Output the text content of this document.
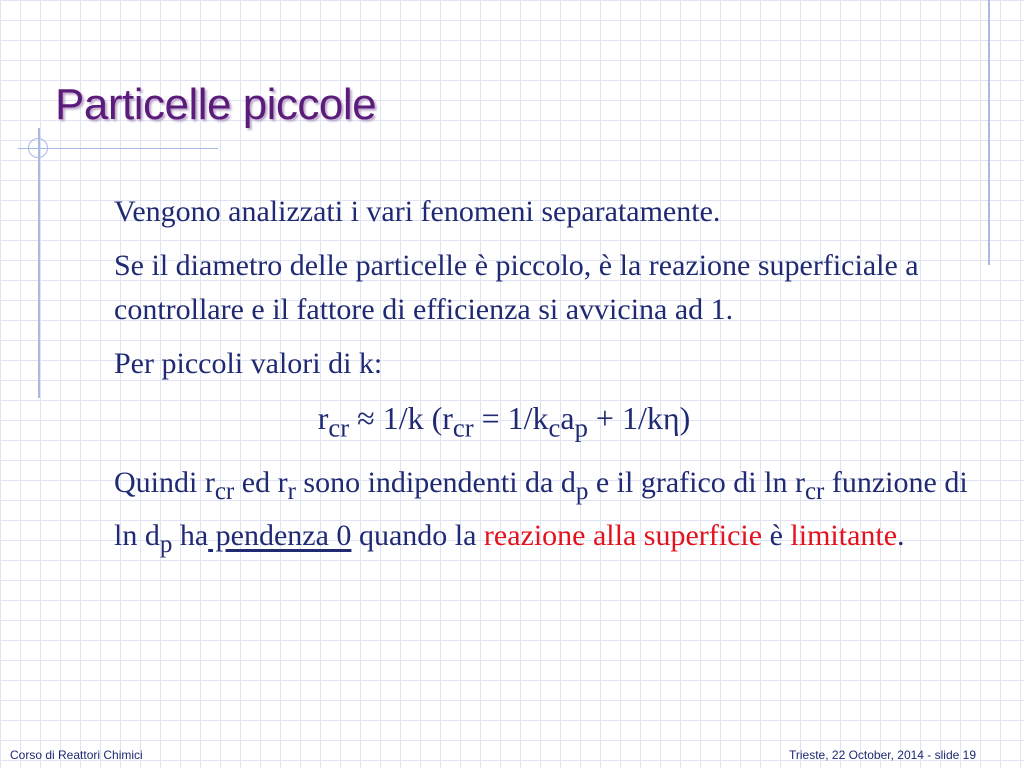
Particelle piccole

Vengono analizzati i vari fenomeni separatamente.

Se il diametro delle particelle è piccolo, è la reazione superficiale a controllare e il fattore di efficienza si avvicina ad 1.

Per piccoli valori di k:

$r_{cr} \approx 1/k$ $(r_{cr} = 1/k_ca_p + 1/k\eta)$

Quindi $r_{cr}$ ed $r_r$ sono indipendenti da $d_p$ e il grafico di $\ln r_{cr}$ funzione di $\ln d_p$ ha pendenza 0 quando la reazione alla superficie è limitante.

Corso di Reattori Chimici	Trieste, 22 October, 2014 - slide 19
